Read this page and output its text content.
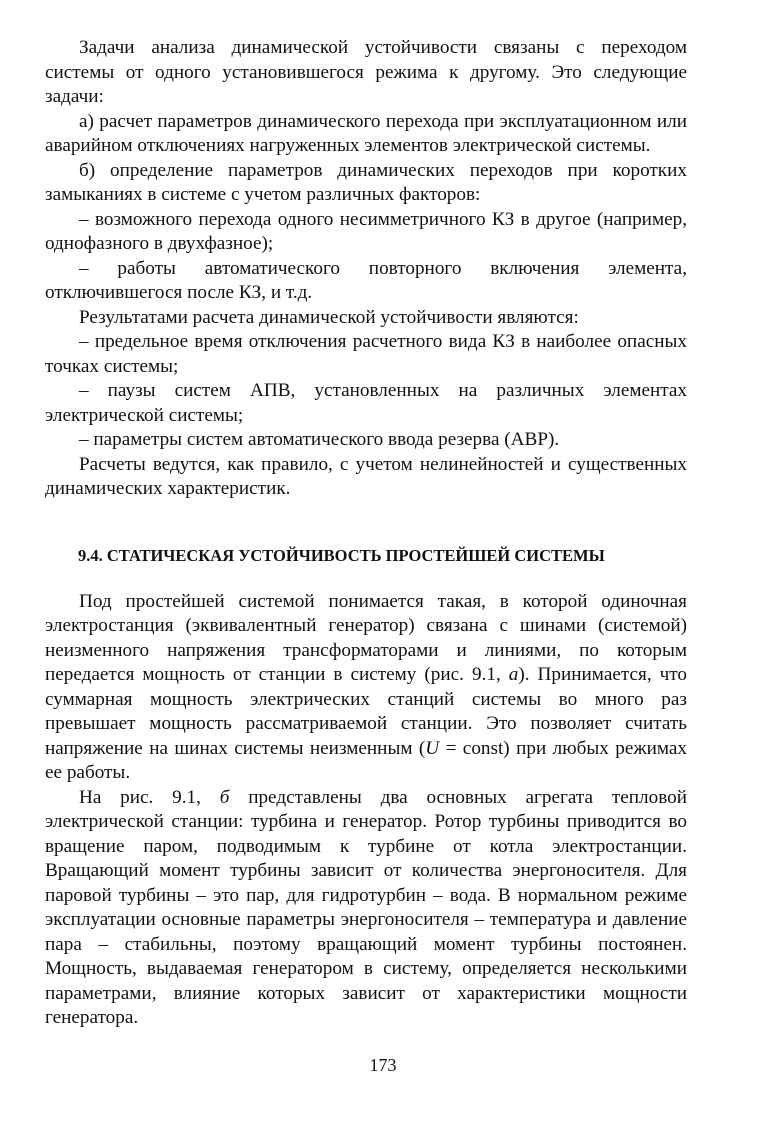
Задачи анализа динамической устойчивости связаны с переходом системы от одного установившегося режима к другому. Это следующие задачи:

а) расчет параметров динамического перехода при эксплуатационном или аварийном отключениях нагруженных элементов электрической системы.

б) определение параметров динамических переходов при коротких замыканиях в системе с учетом различных факторов:

– возможного перехода одного несимметричного КЗ в другое (например, однофазного в двухфазное);

– работы автоматического повторного включения элемента, отключившегося после КЗ, и т.д.

Результатами расчета динамической устойчивости являются:

– предельное время отключения расчетного вида КЗ в наиболее опасных точках системы;

– паузы систем АПВ, установленных на различных элементах электрической системы;

– параметры систем автоматического ввода резерва (АВР).

Расчеты ведутся, как правило, с учетом нелинейностей и существенных динамических характеристик.

9.4. СТАТИЧЕСКАЯ УСТОЙЧИВОСТЬ ПРОСТЕЙШЕЙ СИСТЕМЫ

Под простейшей системой понимается такая, в которой одиночная электростанция (эквивалентный генератор) связана с шинами (системой) неизменного напряжения трансформаторами и линиями, по которым передается мощность от станции в систему (рис. 9.1, а). Принимается, что суммарная мощность электрических станций системы во много раз превышает мощность рассматриваемой станции. Это позволяет считать напряжение на шинах системы неизменным (U = const) при любых режимах ее работы.

На рис. 9.1, б представлены два основных агрегата тепловой электрической станции: турбина и генератор. Ротор турбины приводится во вращение паром, подводимым к турбине от котла электростанции. Вращающий момент турбины зависит от количества энергоносителя. Для паровой турбины – это пар, для гидротурбин – вода. В нормальном режиме эксплуатации основные параметры энергоносителя – температура и давление пара – стабильны, поэтому вращающий момент турбины постоянен. Мощность, выдаваемая генератором в систему, определяется несколькими параметрами, влияние которых зависит от характеристики мощности генератора.

173
